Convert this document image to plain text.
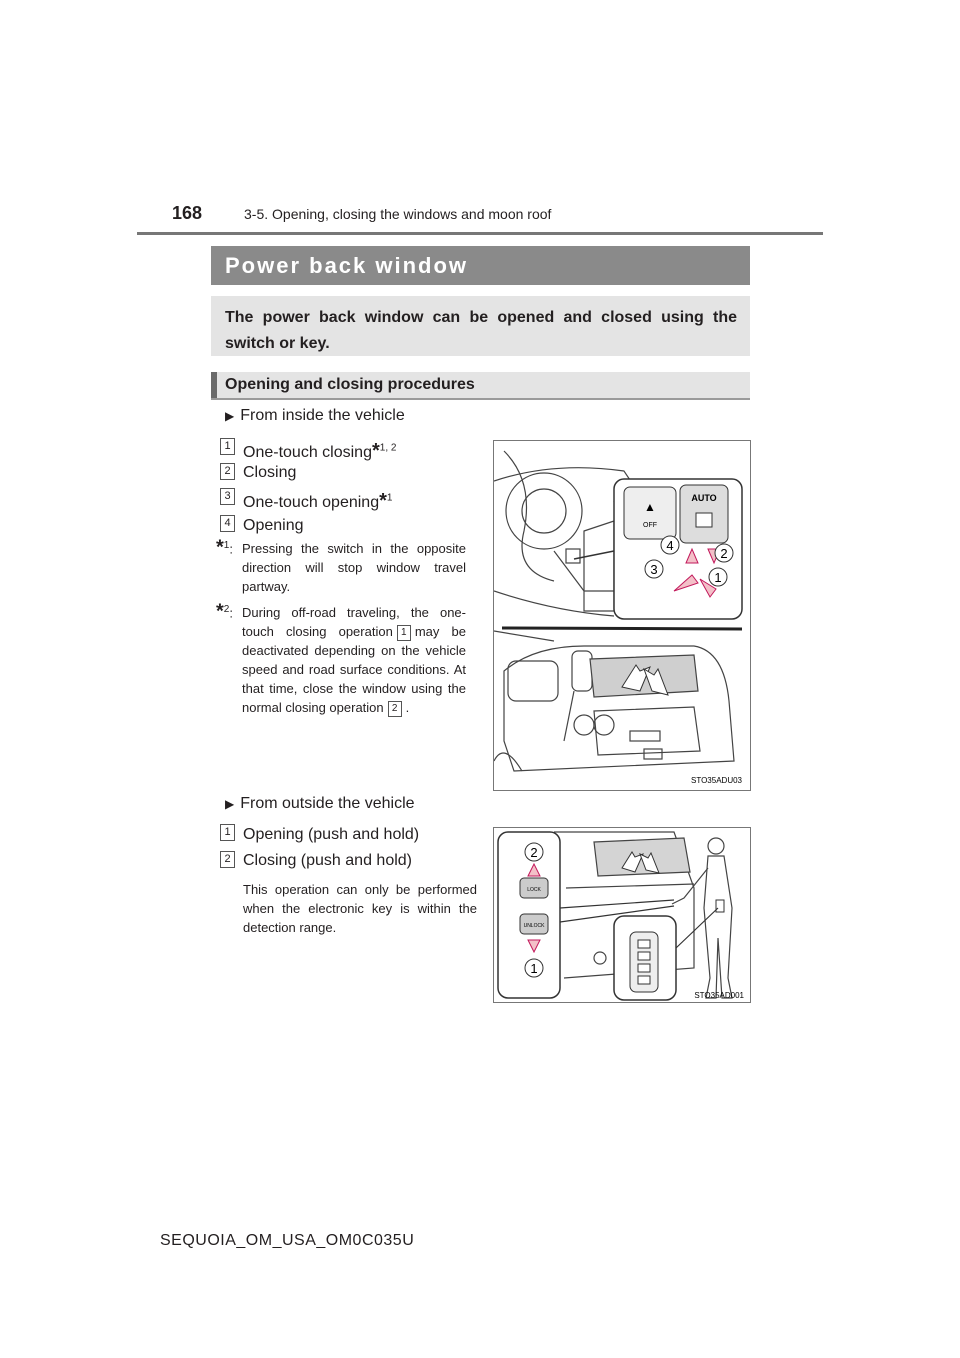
168	3-5. Opening, closing the windows and moon roof
Power back window
The power back window can be opened and closed using the switch or key.
Opening and closing procedures
▶ From inside the vehicle
1 One-touch closing*$^{1, 2}$
2 Closing
3 One-touch opening*$^1$
4 Opening
*$^1$: Pressing the switch in the opposite direction will stop window travel partway.
*$^2$: During off-road traveling, the one-touch closing operation 1 may be deactivated depending on the vehicle speed and road surface conditions. At that time, close the window using the normal closing operation 2 .
OFF
▲
AUTO
4
2
3
1
STO35ADU03
▶ From outside the vehicle
1 Opening (push and hold)
2 Closing (push and hold)
This operation can only be performed when the electronic key is within the detection range.
2
LOCK
UNLOCK
1
STO35AD001
SEQUOIA_OM_USA_OM0C035U
